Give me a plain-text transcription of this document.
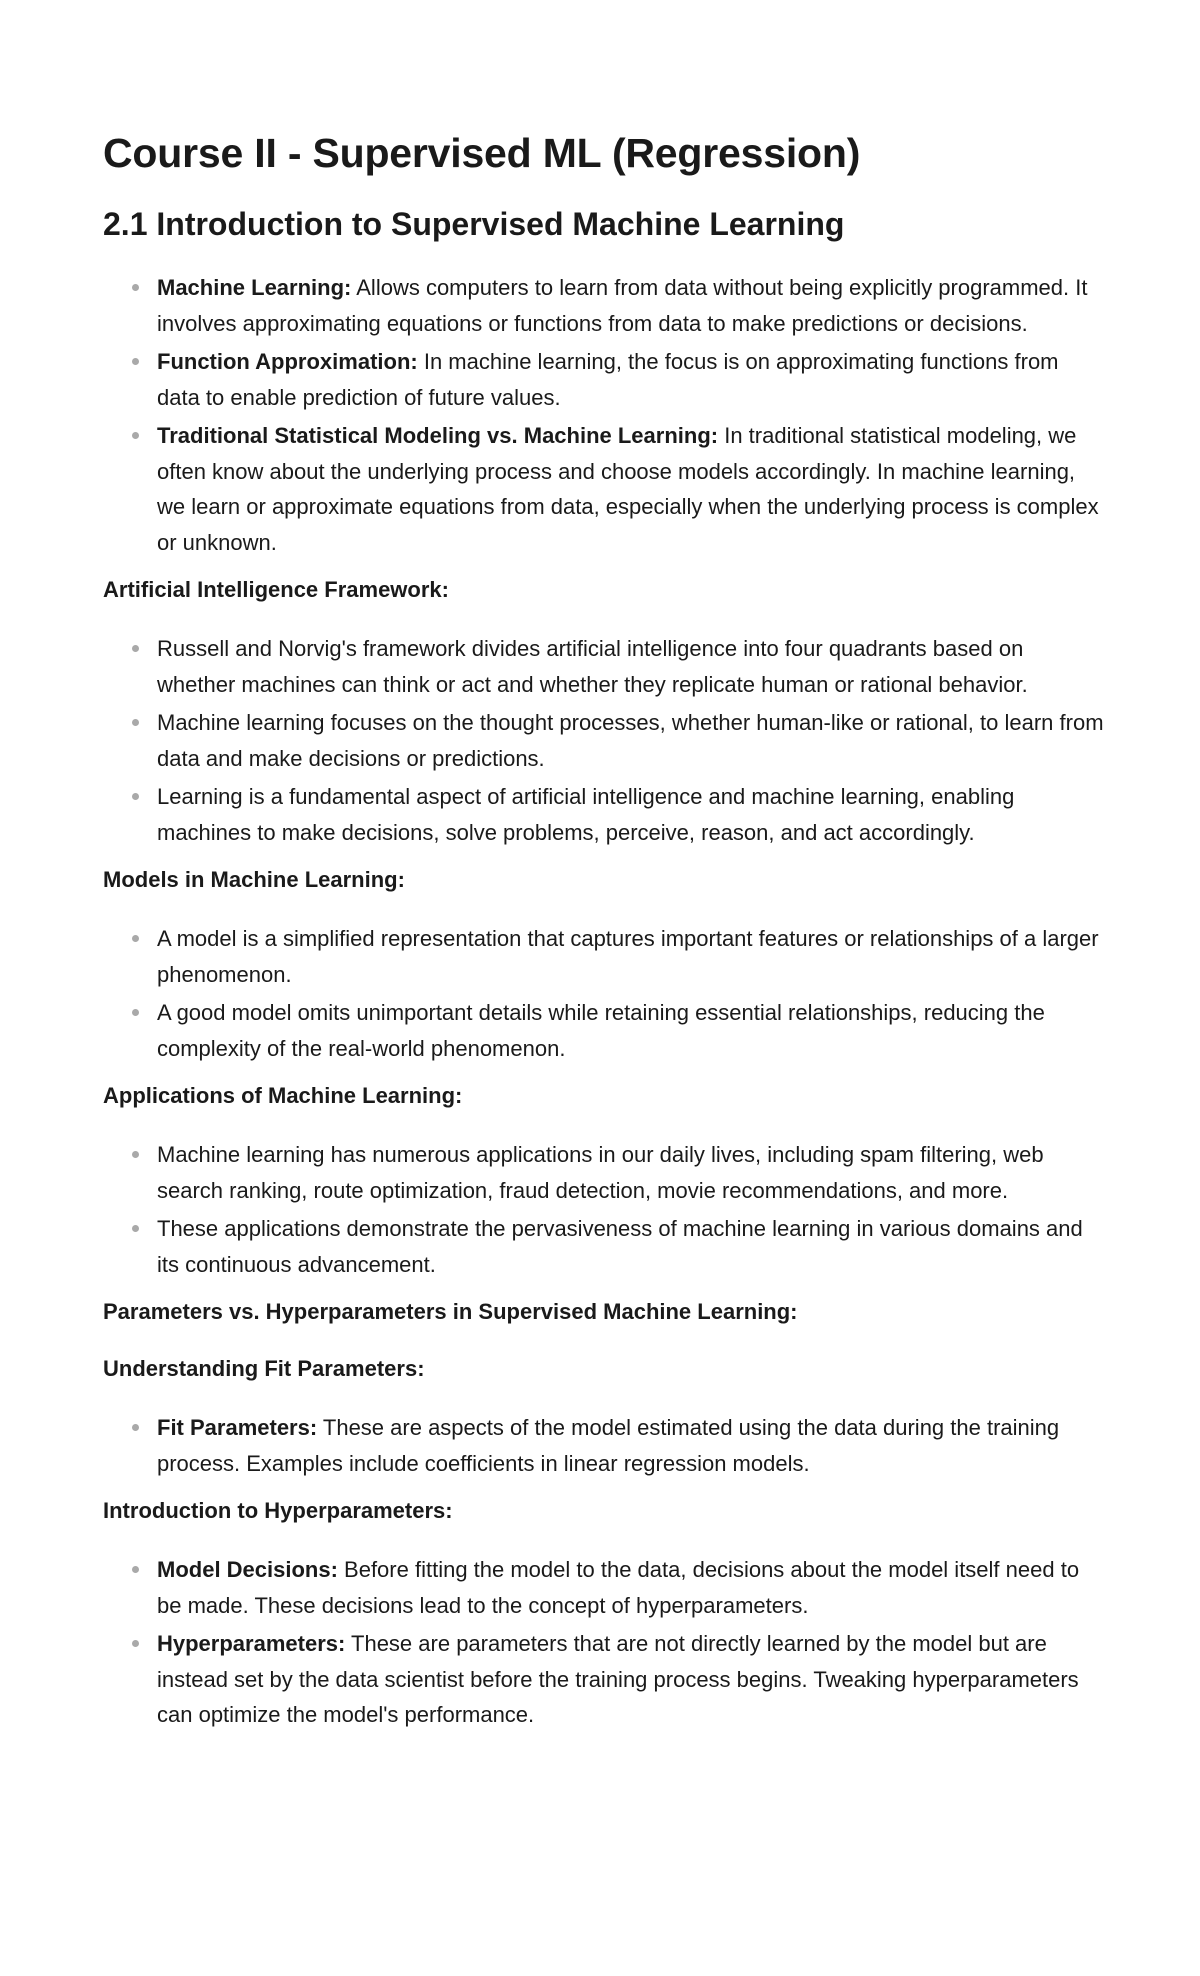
Course II - Supervised ML (Regression)
2.1 Introduction to Supervised Machine Learning
Machine Learning: Allows computers to learn from data without being explicitly programmed. It involves approximating equations or functions from data to make predictions or decisions.
Function Approximation: In machine learning, the focus is on approximating functions from data to enable prediction of future values.
Traditional Statistical Modeling vs. Machine Learning: In traditional statistical modeling, we often know about the underlying process and choose models accordingly. In machine learning, we learn or approximate equations from data, especially when the underlying process is complex or unknown.
Artificial Intelligence Framework:
Russell and Norvig's framework divides artificial intelligence into four quadrants based on whether machines can think or act and whether they replicate human or rational behavior.
Machine learning focuses on the thought processes, whether human-like or rational, to learn from data and make decisions or predictions.
Learning is a fundamental aspect of artificial intelligence and machine learning, enabling machines to make decisions, solve problems, perceive, reason, and act accordingly.
Models in Machine Learning:
A model is a simplified representation that captures important features or relationships of a larger phenomenon.
A good model omits unimportant details while retaining essential relationships, reducing the complexity of the real-world phenomenon.
Applications of Machine Learning:
Machine learning has numerous applications in our daily lives, including spam filtering, web search ranking, route optimization, fraud detection, movie recommendations, and more.
These applications demonstrate the pervasiveness of machine learning in various domains and its continuous advancement.
Parameters vs. Hyperparameters in Supervised Machine Learning:
Understanding Fit Parameters:
Fit Parameters: These are aspects of the model estimated using the data during the training process. Examples include coefficients in linear regression models.
Introduction to Hyperparameters:
Model Decisions: Before fitting the model to the data, decisions about the model itself need to be made. These decisions lead to the concept of hyperparameters.
Hyperparameters: These are parameters that are not directly learned by the model but are instead set by the data scientist before the training process begins. Tweaking hyperparameters can optimize the model's performance.
